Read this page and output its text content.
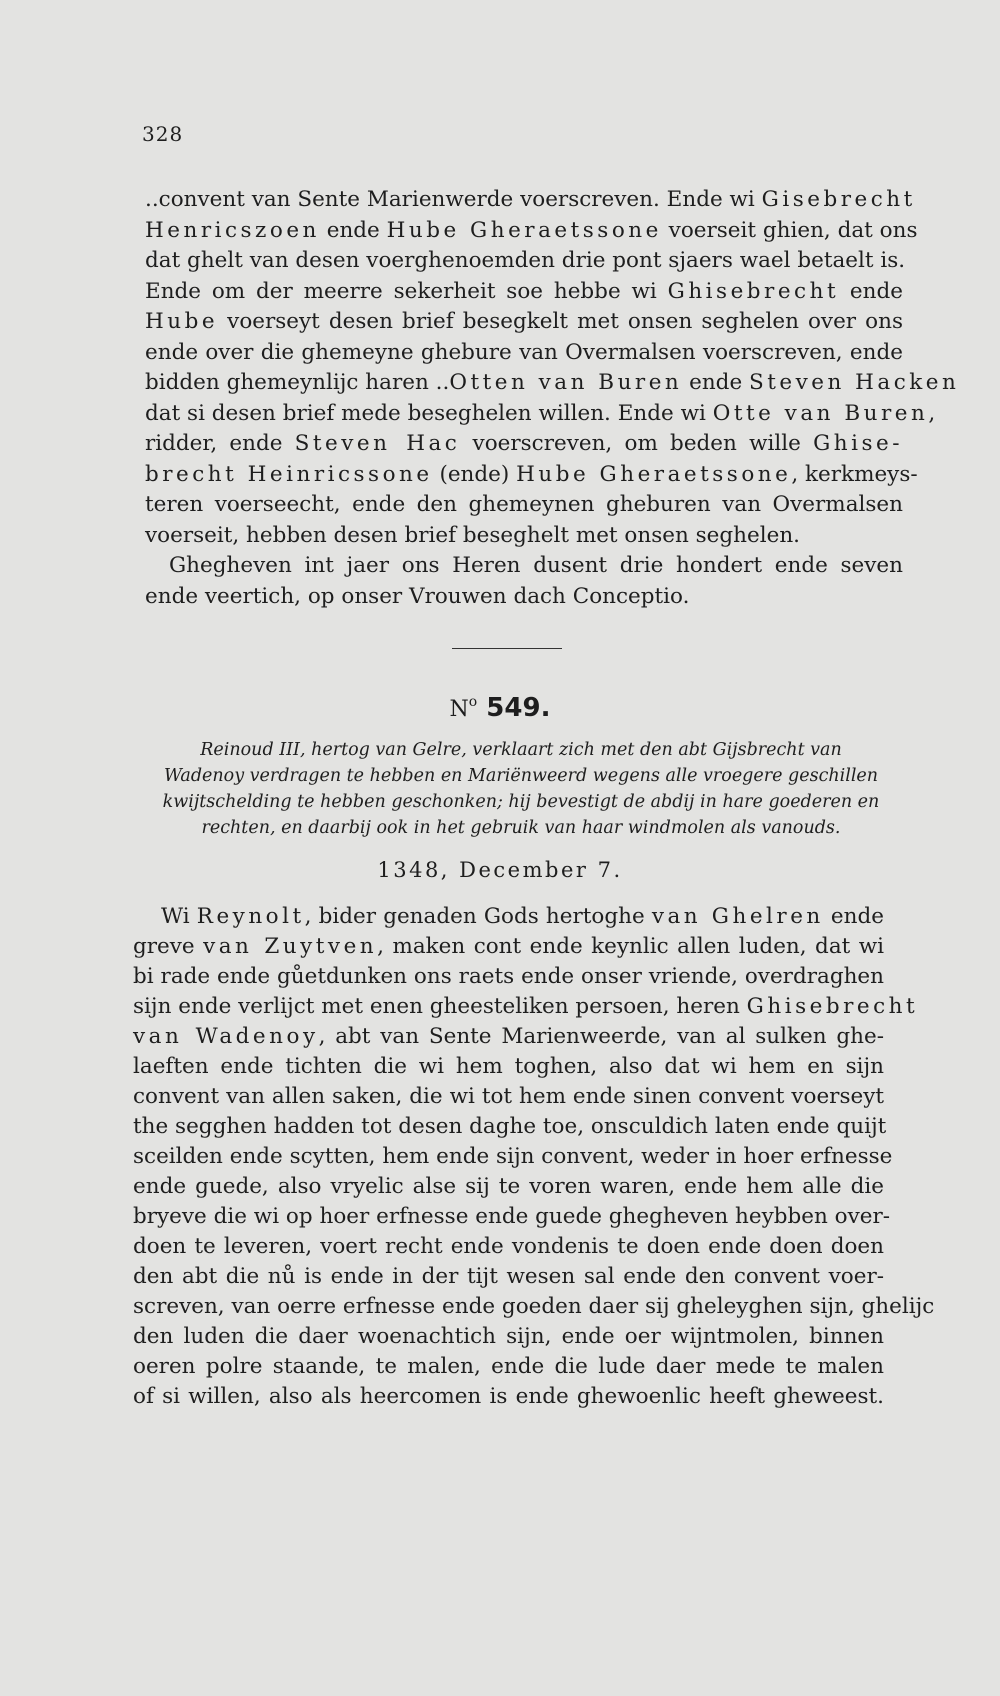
328
..convent van Sente Marienwerde voerscreven. Ende wi Gisebrecht
Henricszoen ende Hube Gheraetssone voerseit ghien, dat ons
dat ghelt van desen voerghenoemden drie pont sjaers wael betaelt is.
Ende om der meerre sekerheit soe hebbe wi Ghisebrecht ende
Hube voerseyt desen brief besegkelt met onsen seghelen over ons
ende over die ghemeyne ghebure van Overmalsen voerscreven, ende
bidden ghemeynlijc haren ..Otten van Buren ende Steven Hacken
dat si desen brief mede beseghelen willen. Ende wi Otte van Buren,
ridder, ende Steven Hac voerscreven, om beden wille Ghise-
brecht Heinricssone (ende) Hube Gheraetssone, kerkmeys-
teren voerseecht, ende den ghemeynen gheburen van Overmalsen
voerseit, hebben desen brief beseghelt met onsen seghelen.
Ghegheven int jaer ons Heren dusent drie hondert ende seven
ende veertich, op onser Vrouwen dach Conceptio.
$N^o$ 549.
Reinoud III, hertog van Gelre, verklaart zich met den abt Gijsbrecht van
Wadenoy verdragen te hebben en Mariënweerd wegens alle vroegere geschillen
kwijtschelding te hebben geschonken; hij bevestigt de abdij in hare goederen en
rechten, en daarbij ook in het gebruik van haar windmolen als vanouds.
1348, December 7.
Wi Reynolt, bider genaden Gods hertoghe van Ghelren ende
greve van Zuytven, maken cont ende keynlic allen luden, dat wi
bi rade ende gůetdunken ons raets ende onser vriende, overdraghen
sijn ende verlijct met enen gheesteliken persoen, heren Ghisebrecht
van Wadenoy, abt van Sente Marienweerde, van al sulken ghe-
laeften ende tichten die wi hem toghen, also dat wi hem en sijn
convent van allen saken, die wi tot hem ende sinen convent voerseyt
the segghen hadden tot desen daghe toe, onsculdich laten ende quijt
sceilden ende scytten, hem ende sijn convent, weder in hoer erfnesse
ende guede, also vryelic alse sij te voren waren, ende hem alle die
bryeve die wi op hoer erfnesse ende guede ghegheven heybben over-
doen te leveren, voert recht ende vondenis te doen ende doen doen
den abt die nů is ende in der tijt wesen sal ende den convent voer-
screven, van oerre erfnesse ende goeden daer sij gheleyghen sijn, ghelijc
den luden die daer woenachtich sijn, ende oer wijntmolen, binnen
oeren polre staande, te malen, ende die lude daer mede te malen
of si willen, also als heercomen is ende ghewoenlic heeft gheweest.
